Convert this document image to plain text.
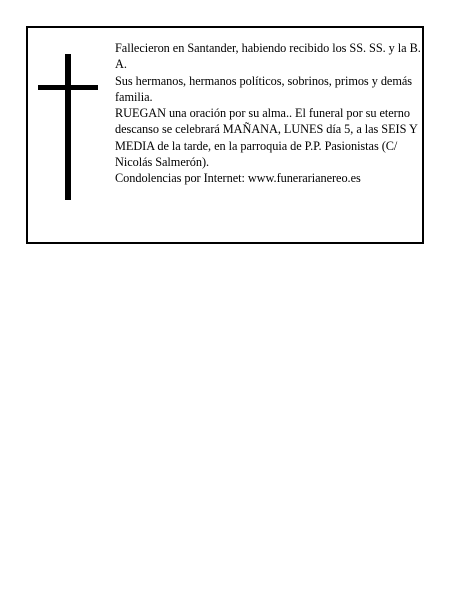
Fallecieron en Santander, habiendo recibido los SS. SS. y la B. A.

Sus hermanos, hermanos políticos, sobrinos, primos y demás familia.

RUEGAN una oración por su alma.. El funeral por su eterno descanso se celebrará MAÑANA, LUNES día 5, a las SEIS Y MEDIA de la tarde, en la parroquia de P.P. Pasionistas (C/ Nicolás Salmerón).

Condolencias por Internet: www.funerarianereo.es
